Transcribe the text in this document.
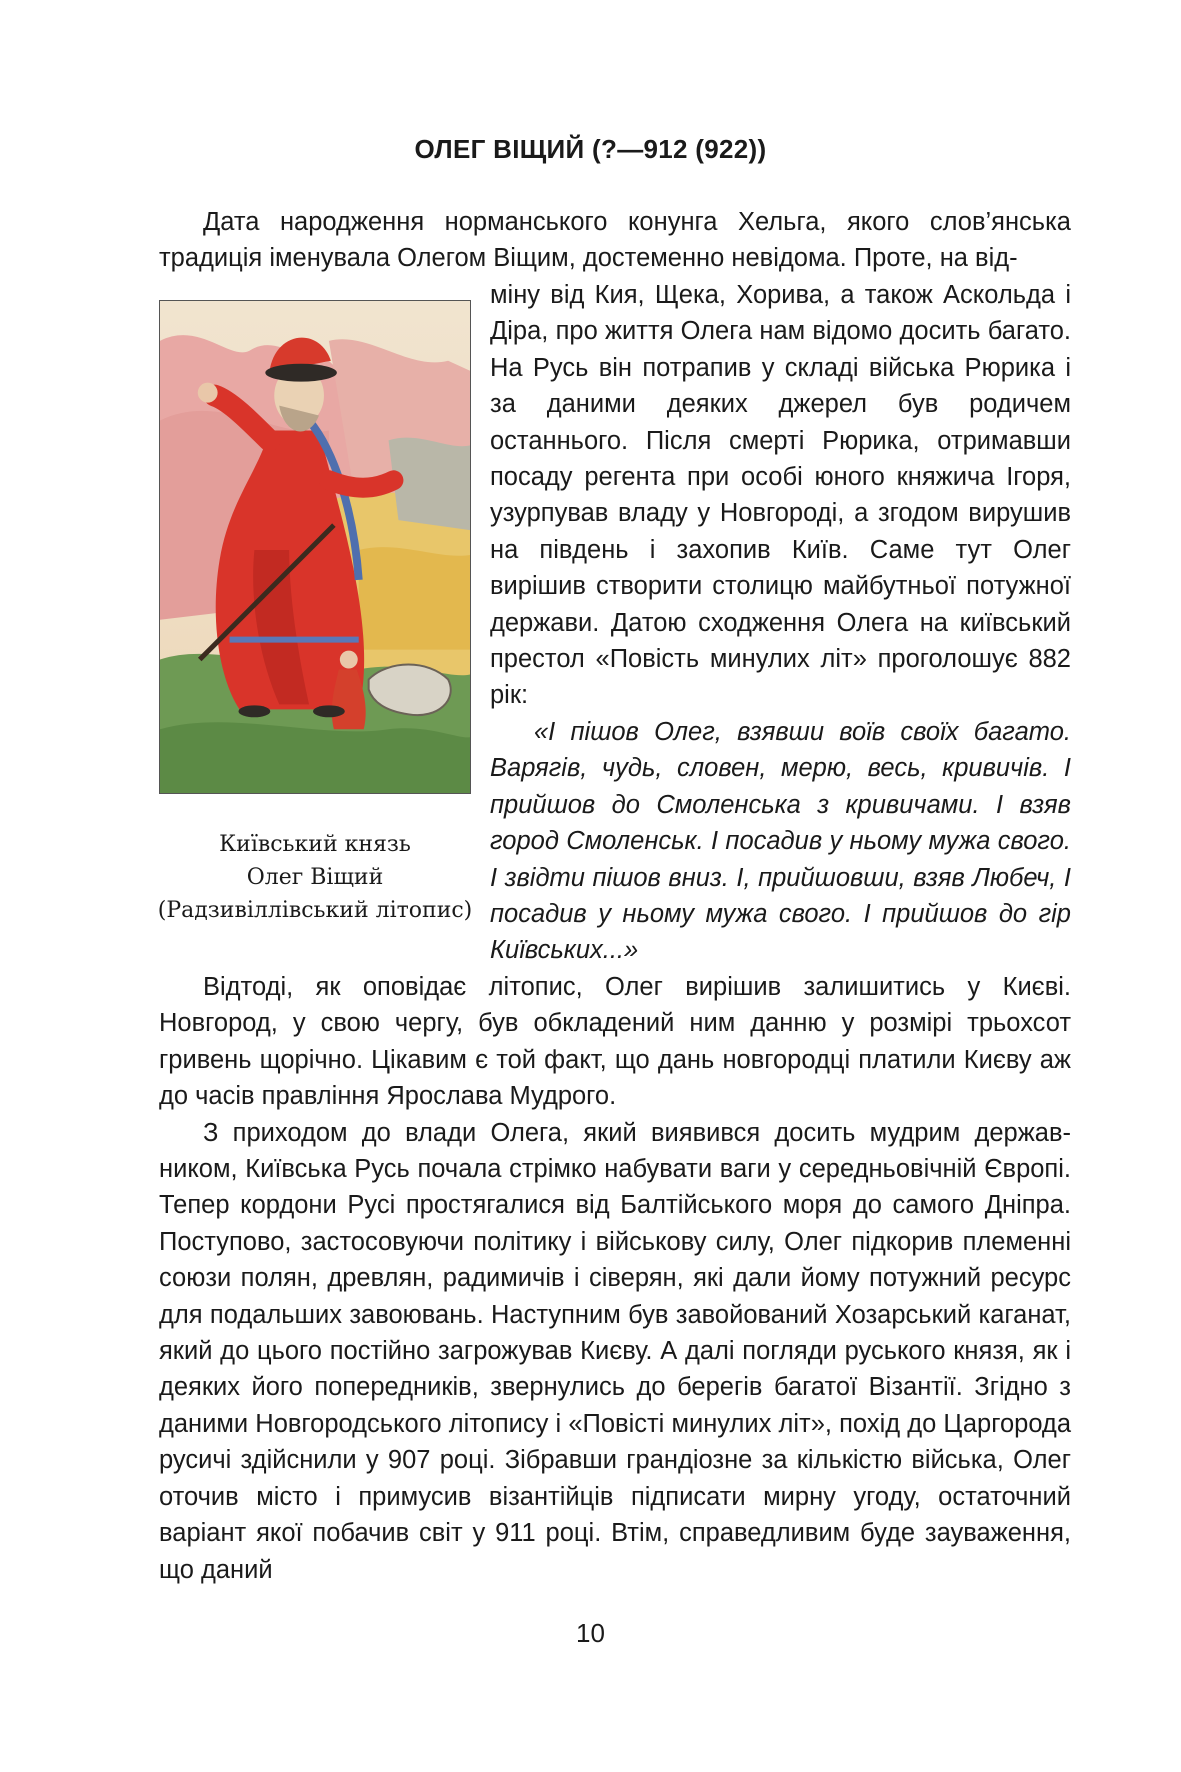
ОЛЕГ ВІЩИЙ (?—912 (922))

Дата народження норманського конунга Хельга, якого слов’янська традиція іменувала Олегом Віщим, достеменно невідома. Проте, на від-

Київський князь
Олег Віщий
(Радзивіллівський літопис)

міну від Кия, Щека, Хорива, а також Аскольда і Діра, про життя Олега нам відомо досить багато. На Русь він потрапив у складі війська Рюрика і за даними деяких джерел був родичем останнього. Після смерті Рюрика, отримавши посаду регента при особі юного княжича Ігоря, узурпував владу у Новгороді, а згодом вирушив на південь і захопив Київ. Саме тут Олег вирішив створити столицю майбутньої потужної держави. Датою сходження Олега на київський престол «Повість минулих літ» проголошує 882 рік:

«І пішов Олег, взявши воїв своїх багато. Варягів, чудь, словен, мерю, весь, кривичів. І прийшов до Смоленська з кривичами. І взяв город Смоленськ. І посадив у ньому мужа свого. І звідти пішов вниз. І, прийшовши, взяв Любеч, І посадив у ньому мужа свого. І прийшов до гір Київських...»

Відтоді, як оповідає літопис, Олег вирішив залишитись у Києві. Новгород, у свою чергу, був обкладений ним данню у розмірі трьохсот гривень щорічно. Цікавим є той факт, що дань новгородці платили Києву аж до часів правління Ярослава Мудрого.

З приходом до влади Олега, який виявився досить мудрим державником, Київська Русь почала стрімко набувати ваги у середньовічній Європі. Тепер кордони Русі простягалися від Балтійського моря до самого Дніпра. Поступово, застосовуючи політику і військову силу, Олег підкорив племенні союзи полян, древлян, радимичів і сіверян, які дали йому потужний ресурс для подальших завоювань. Наступним був завойований Хозарський каганат, який до цього постійно загрожував Києву. А далі погляди руського князя, як і деяких його попередників, звернулись до берегів багатої Візантії. Згідно з даними Новгородського літопису і «Повісті минулих літ», похід до Царгорода русичі здійснили у 907 році. Зібравши грандіозне за кількістю війська, Олег оточив місто і примусив візантійців підписати мирну угоду, остаточний варіант якої побачив світ у 911 році. Втім, справедливим буде зауваження, що даний

10
